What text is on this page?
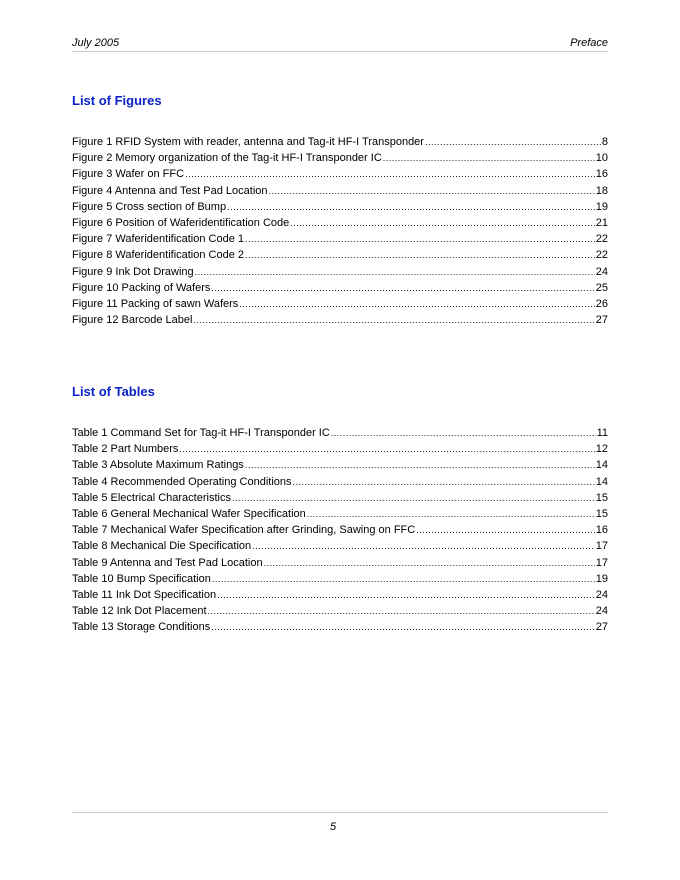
July 2005	Preface
List of Figures
Figure 1 RFID System with reader, antenna and Tag-it HF-I Transponder .....	8
Figure 2 Memory organization of the Tag-it HF-I Transponder IC .....	10
Figure 3 Wafer on FFC .....	16
Figure 4 Antenna and Test Pad Location .....	18
Figure 5 Cross section of Bump .....	19
Figure 6 Position of Waferidentification Code .....	21
Figure 7 Waferidentification Code 1 .....	22
Figure 8 Waferidentification Code 2 .....	22
Figure 9 Ink Dot Drawing .....	24
Figure 10 Packing of Wafers .....	25
Figure 11 Packing of sawn Wafers .....	26
Figure 12 Barcode Label .....	27
List of Tables
Table 1 Command Set for Tag-it HF-I Transponder IC .....	11
Table 2 Part Numbers .....	12
Table 3 Absolute Maximum Ratings .....	14
Table 4 Recommended Operating Conditions .....	14
Table 5 Electrical Characteristics .....	15
Table 6 General Mechanical Wafer Specification .....	15
Table 7 Mechanical Wafer Specification after Grinding, Sawing on FFC .....	16
Table 8 Mechanical Die Specification .....	17
Table 9 Antenna and Test Pad Location .....	17
Table 10 Bump Specification .....	19
Table 11 Ink Dot Specification .....	24
Table 12 Ink Dot Placement .....	24
Table 13 Storage Conditions .....	27
5
